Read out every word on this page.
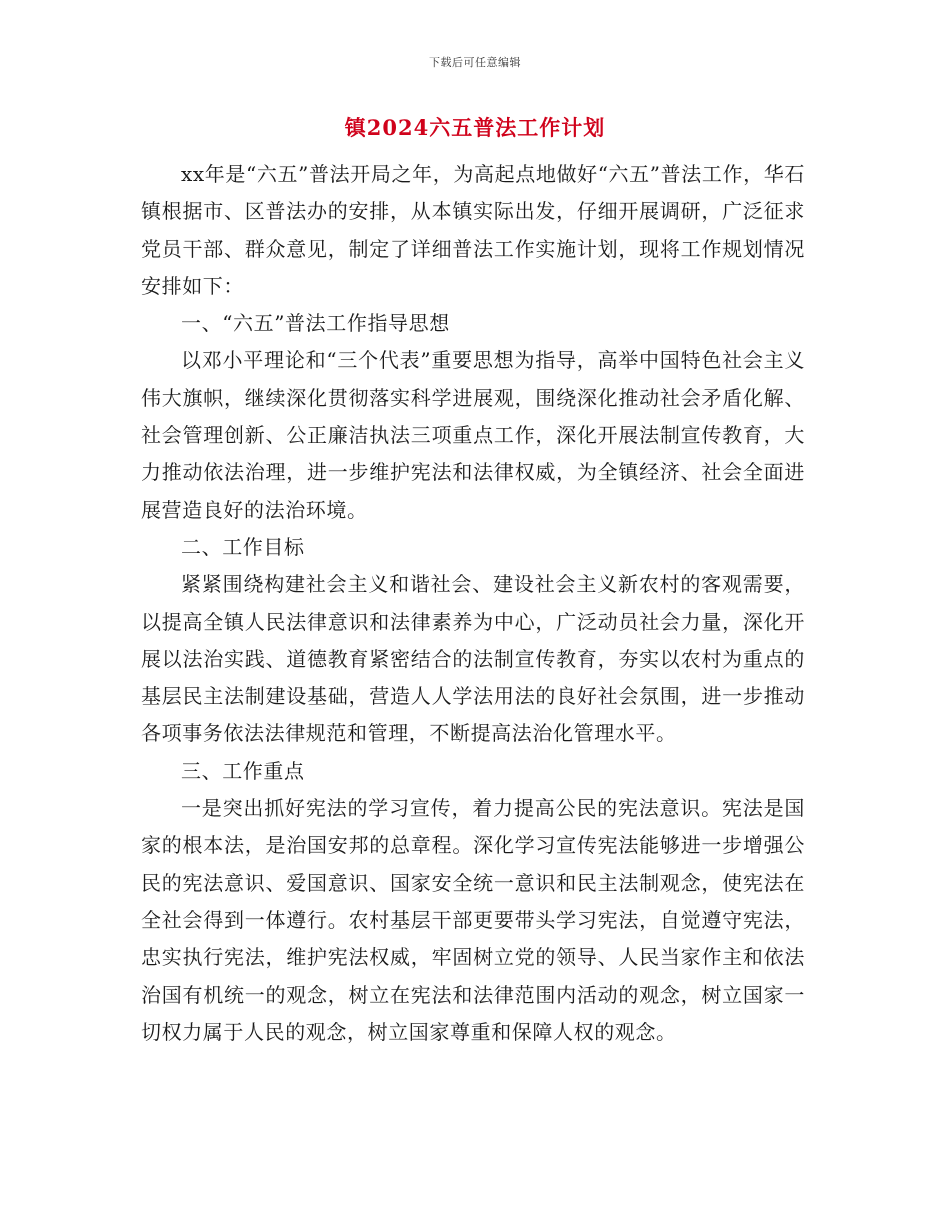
下载后可任意编辑
镇2024六五普法工作计划

xx年是“六五”普法开局之年，为高起点地做好“六五”普法工作，华石镇根据市、区普法办的安排，从本镇实际出发，仔细开展调研，广泛征求党员干部、群众意见，制定了详细普法工作实施计划，现将工作规划情况安排如下：

一、“六五”普法工作指导思想

以邓小平理论和“三个代表”重要思想为指导，高举中国特色社会主义伟大旗帜，继续深化贯彻落实科学进展观，围绕深化推动社会矛盾化解、社会管理创新、公正廉洁执法三项重点工作，深化开展法制宣传教育，大力推动依法治理，进一步维护宪法和法律权威，为全镇经济、社会全面进展营造良好的法治环境。

二、工作目标

紧紧围绕构建社会主义和谐社会、建设社会主义新农村的客观需要，以提高全镇人民法律意识和法律素养为中心，广泛动员社会力量，深化开展以法治实践、道德教育紧密结合的法制宣传教育，夯实以农村为重点的基层民主法制建设基础，营造人人学法用法的良好社会氛围，进一步推动各项事务依法法律规范和管理，不断提高法治化管理水平。

三、工作重点

一是突出抓好宪法的学习宣传，着力提高公民的宪法意识。宪法是国家的根本法，是治国安邦的总章程。深化学习宣传宪法能够进一步增强公民的宪法意识、爱国意识、国家安全统一意识和民主法制观念，使宪法在全社会得到一体遵行。农村基层干部更要带头学习宪法，自觉遵守宪法，忠实执行宪法，维护宪法权威，牢固树立党的领导、人民当家作主和依法治国有机统一的观念，树立在宪法和法律范围内活动的观念，树立国家一切权力属于人民的观念，树立国家尊重和保障人权的观念。
